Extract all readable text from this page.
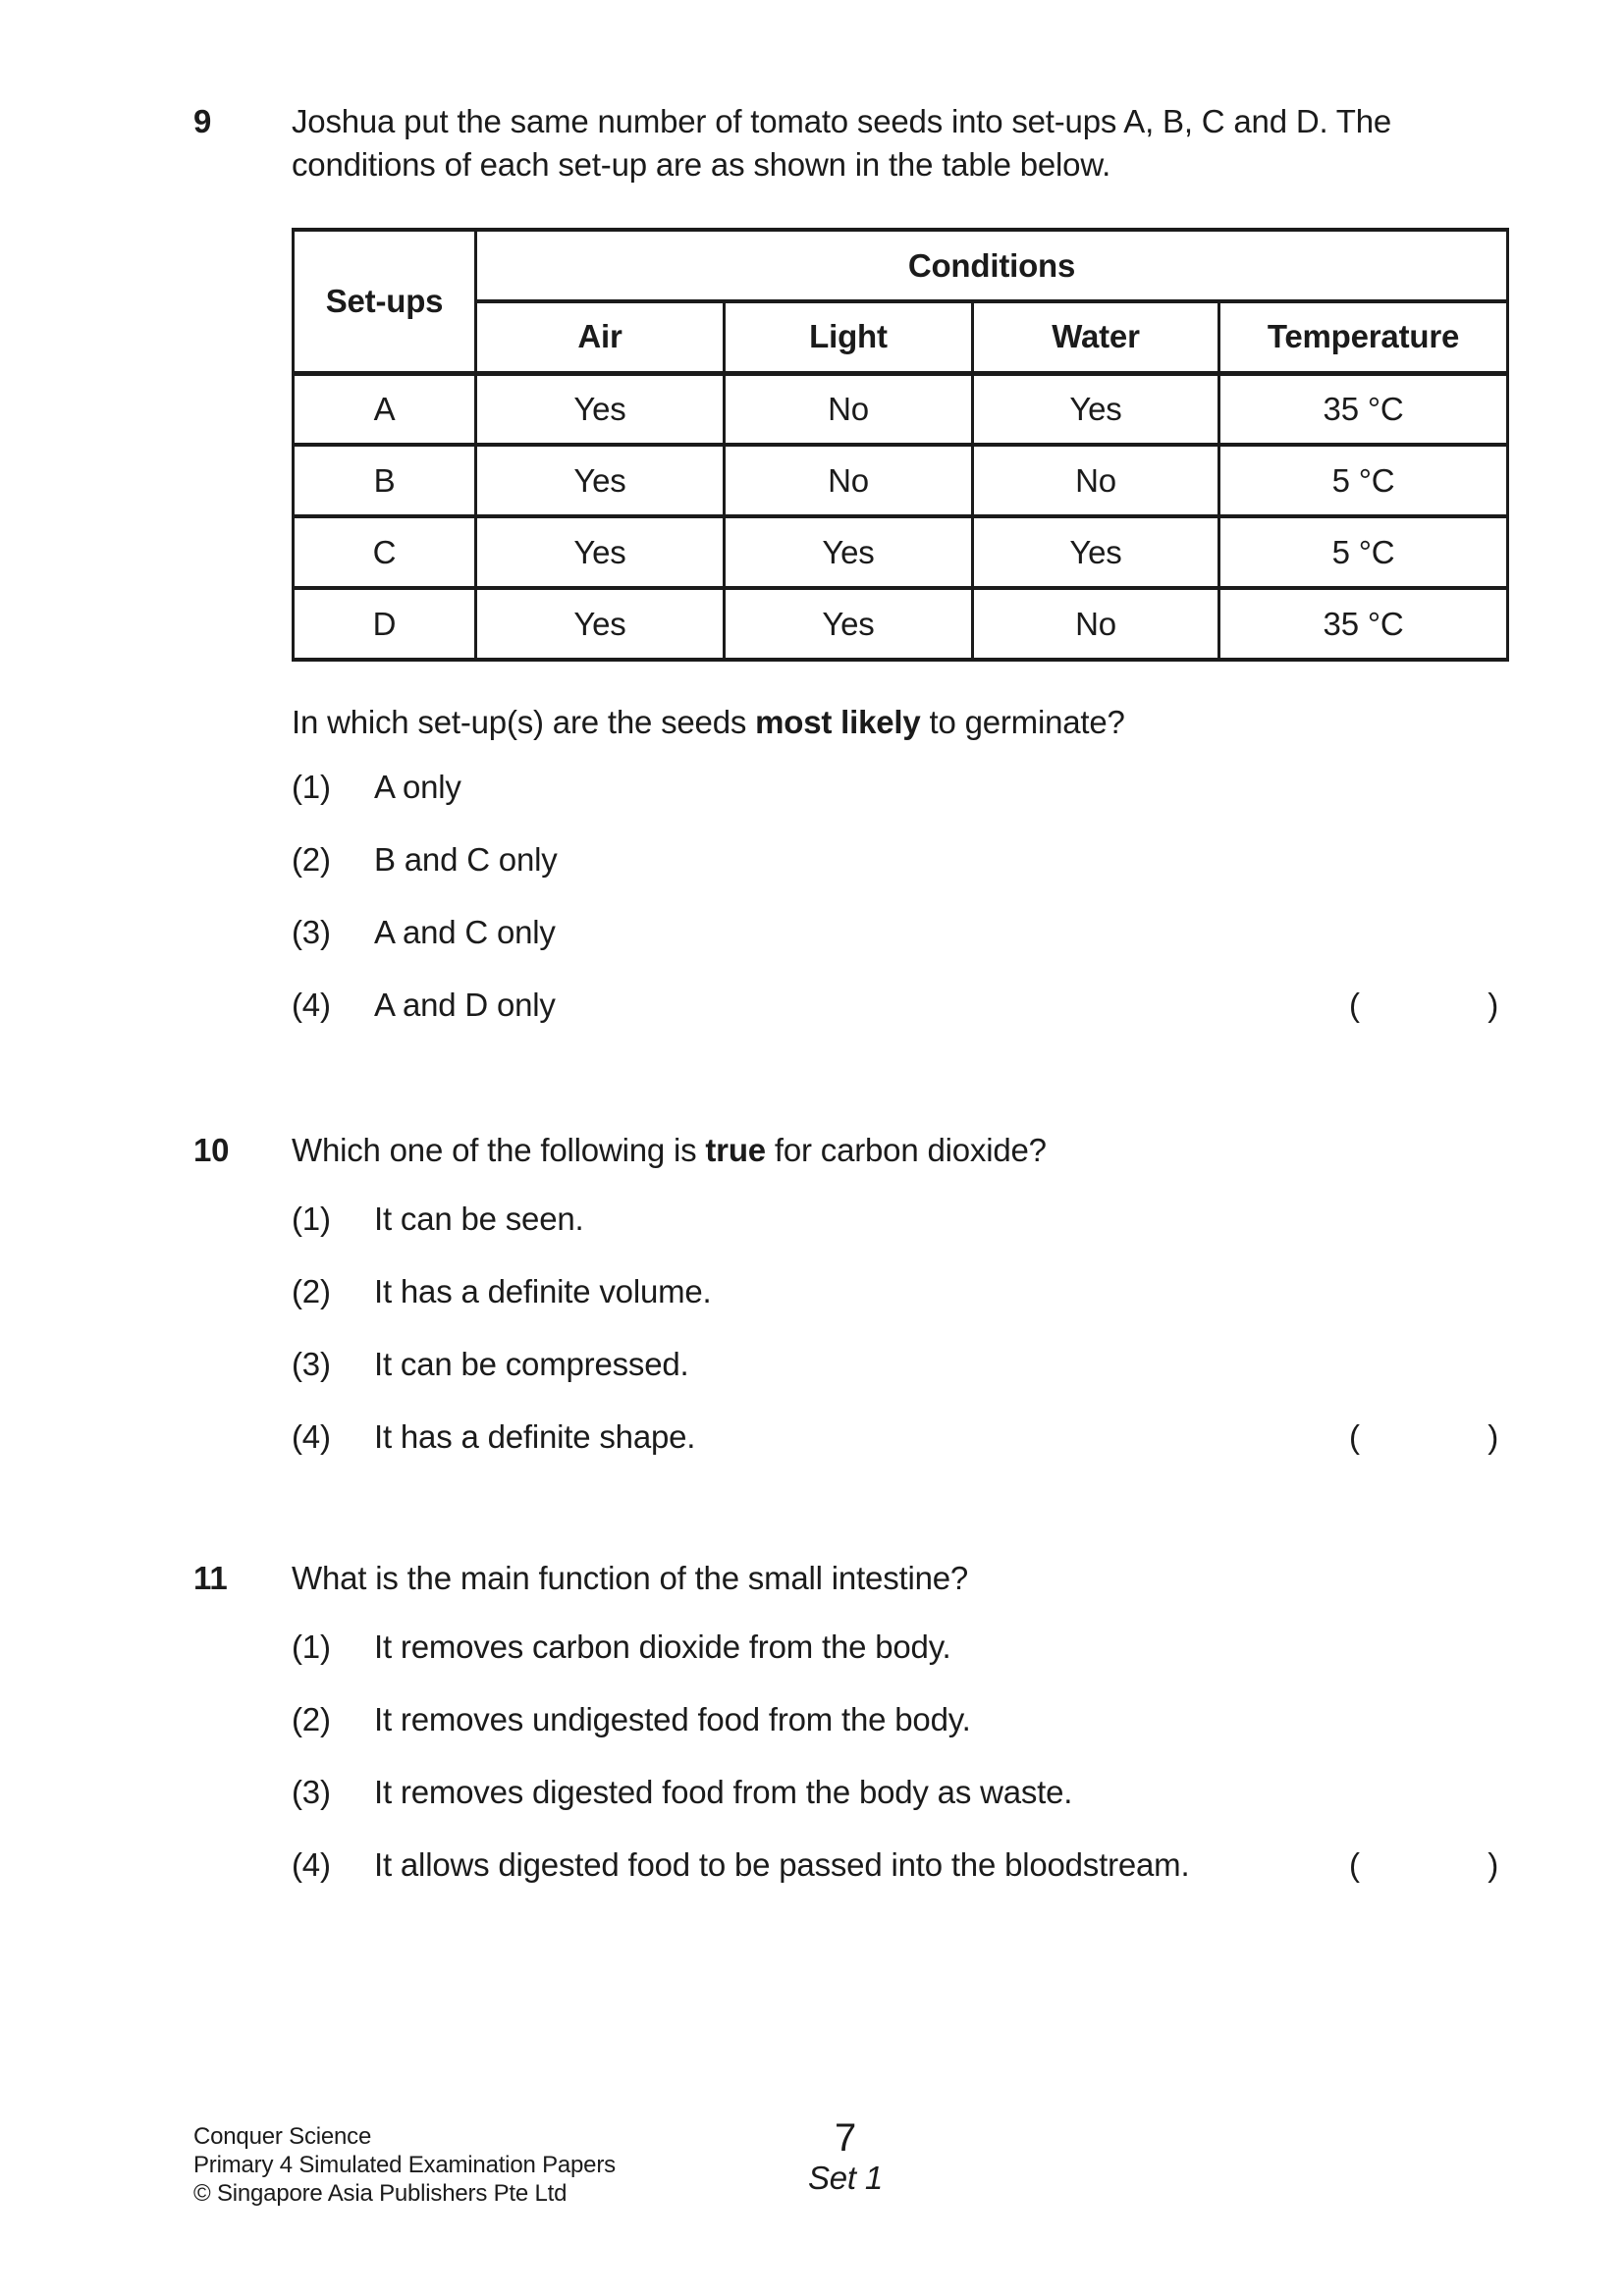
9	Joshua put the same number of tomato seeds into set-ups A, B, C and D. The conditions of each set-up are as shown in the table below.

Set-ups	Conditions			
	Air	Light	Water	Temperature
A	Yes	No	Yes	35 °C
B	Yes	No	No	5 °C
C	Yes	Yes	Yes	5 °C
D	Yes	Yes	No	35 °C

In which set-up(s) are the seeds most likely to germinate?

(1)	A only
(2)	B and C only
(3)	A and C only
(4)	A and D only	(	)
10	Which one of the following is true for carbon dioxide?

(1)	It can be seen.
(2)	It has a definite volume.
(3)	It can be compressed.
(4)	It has a definite shape.	(	)
11	What is the main function of the small intestine?

(1)	It removes carbon dioxide from the body.
(2)	It removes undigested food from the body.
(3)	It removes digested food from the body as waste.
(4)	It allows digested food to be passed into the bloodstream.	(	)
Conquer Science
Primary 4 Simulated Examination Papers
© Singapore Asia Publishers Pte Ltd
7
Set 1
